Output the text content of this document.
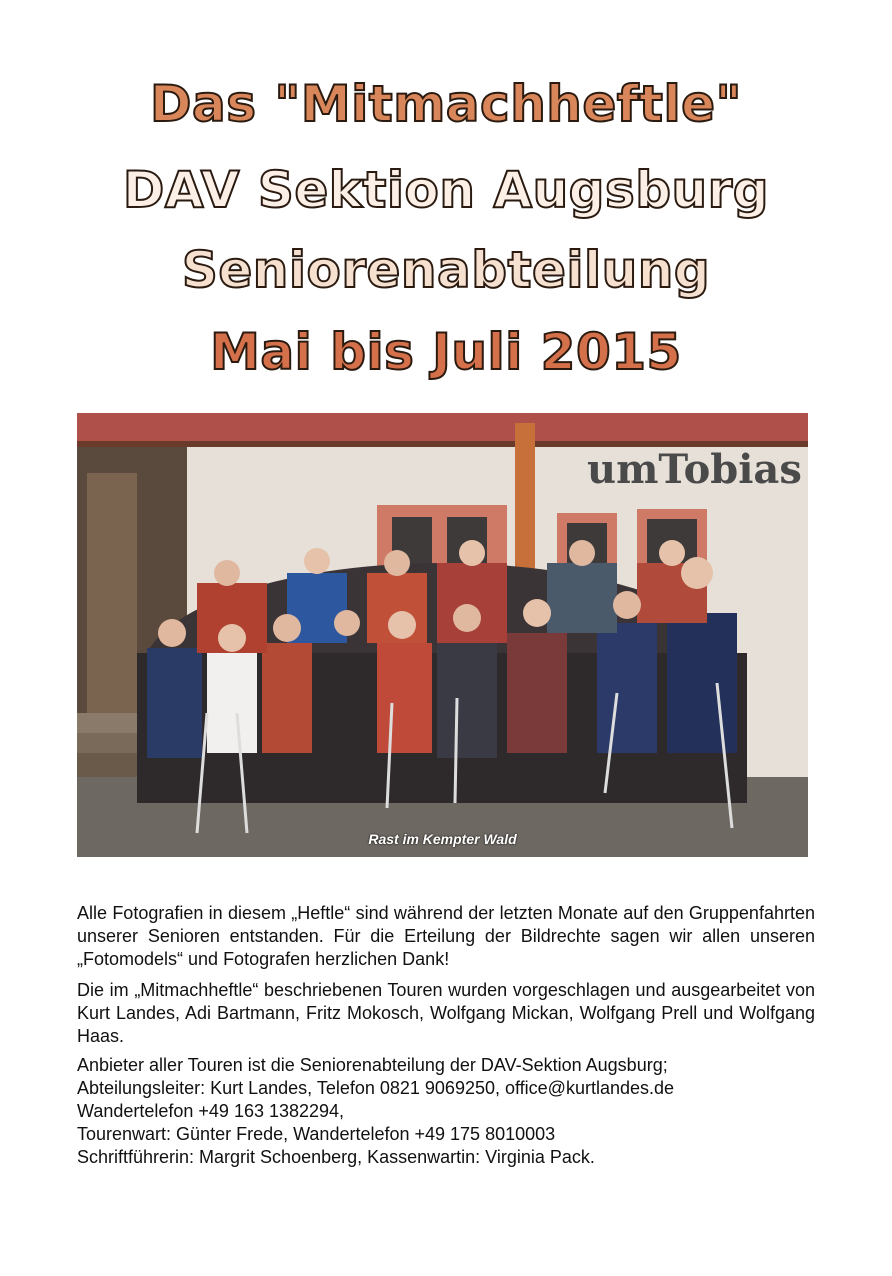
Das "Mitmachheftle"
DAV Sektion Augsburg
Seniorenabteilung
Mai bis Juli 2015
umTobias
Rast im Kempter Wald
Alle Fotografien in diesem „Heftle“ sind während der letzten Monate auf den Gruppenfahrten unserer Senioren entstanden. Für die Erteilung der Bildrechte sagen wir allen unseren „Fotomodels“ und Fotografen herzlichen Dank!
Die im „Mitmachheftle“ beschriebenen Touren wurden vorgeschlagen und ausgearbeitet von Kurt Landes, Adi Bartmann, Fritz Mokosch, Wolfgang Mickan, Wolfgang Prell und Wolfgang Haas.
Anbieter aller Touren ist die Seniorenabteilung der DAV-Sektion Augsburg;
Abteilungsleiter: Kurt Landes, Telefon 0821 9069250, office@kurtlandes.de
Wandertelefon +49 163 1382294,
Tourenwart: Günter Frede, Wandertelefon +49 175 8010003
Schriftführerin: Margrit Schoenberg, Kassenwartin: Virginia Pack.
